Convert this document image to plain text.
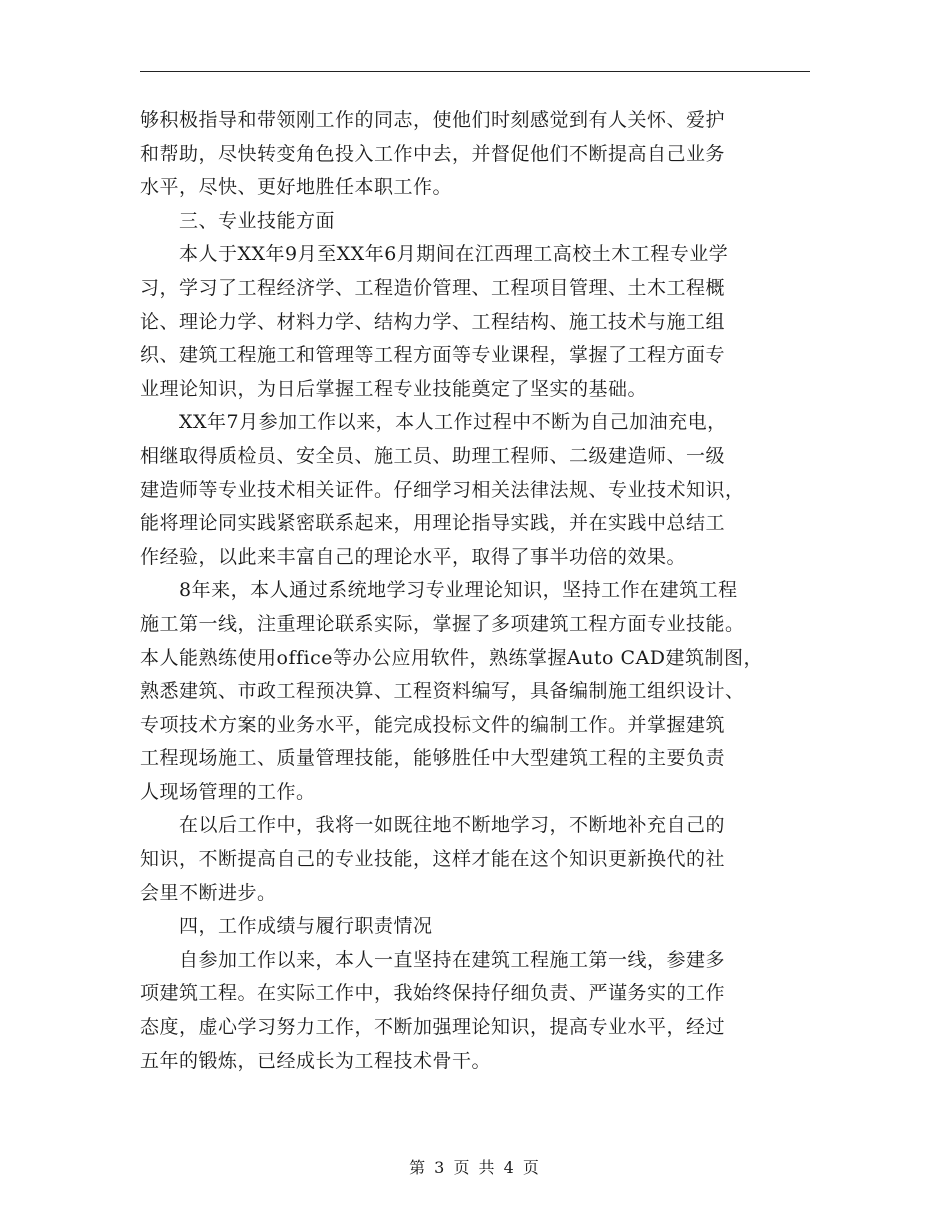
够积极指导和带领刚工作的同志，使他们时刻感觉到有人关怀、爱护
和帮助，尽快转变角色投入工作中去，并督促他们不断提高自己业务
水平，尽快、更好地胜任本职工作。
　　三、专业技能方面
　　本人于XX年9月至XX年6月期间在江西理工高校土木工程专业学
习，学习了工程经济学、工程造价管理、工程项目管理、土木工程概
论、理论力学、材料力学、结构力学、工程结构、施工技术与施工组
织、建筑工程施工和管理等工程方面等专业课程，掌握了工程方面专
业理论知识，为日后掌握工程专业技能奠定了坚实的基础。
　　XX年7月参加工作以来，本人工作过程中不断为自己加油充电，
相继取得质检员、安全员、施工员、助理工程师、二级建造师、一级
建造师等专业技术相关证件。仔细学习相关法律法规、专业技术知识，
能将理论同实践紧密联系起来，用理论指导实践，并在实践中总结工
作经验，以此来丰富自己的理论水平，取得了事半功倍的效果。
　　8年来，本人通过系统地学习专业理论知识，坚持工作在建筑工程
施工第一线，注重理论联系实际，掌握了多项建筑工程方面专业技能。
本人能熟练使用office等办公应用软件，熟练掌握Auto CAD建筑制图，
熟悉建筑、市政工程预决算、工程资料编写，具备编制施工组织设计、
专项技术方案的业务水平，能完成投标文件的编制工作。并掌握建筑
工程现场施工、质量管理技能，能够胜任中大型建筑工程的主要负责
人现场管理的工作。
　　在以后工作中，我将一如既往地不断地学习，不断地补充自己的
知识，不断提高自己的专业技能，这样才能在这个知识更新换代的社
会里不断进步。
　　四，工作成绩与履行职责情况
　　自参加工作以来，本人一直坚持在建筑工程施工第一线，参建多
项建筑工程。在实际工作中，我始终保持仔细负责、严谨务实的工作
态度，虚心学习努力工作，不断加强理论知识，提高专业水平，经过
五年的锻炼，已经成长为工程技术骨干。
第 3 页 共 4 页
